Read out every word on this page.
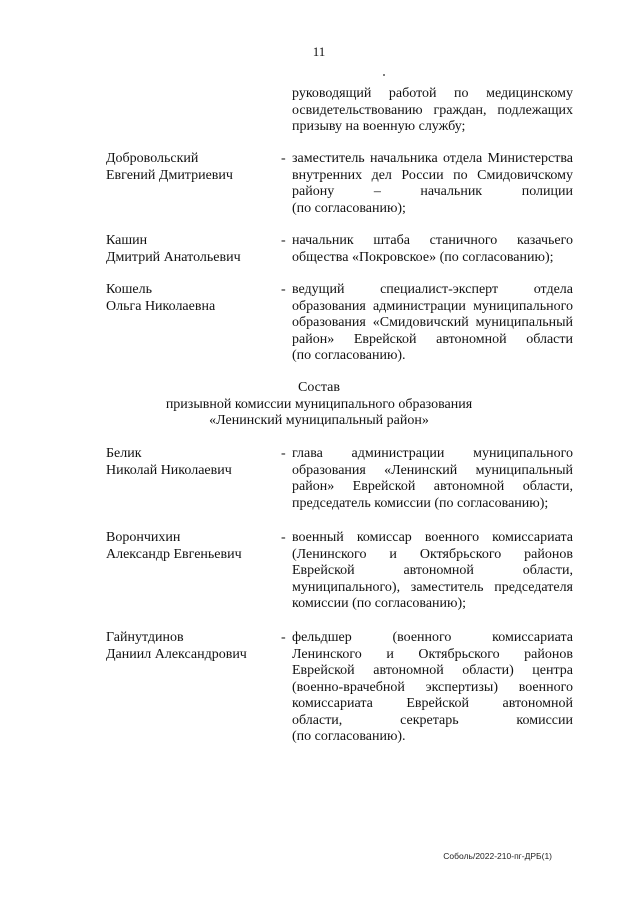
11
руководящий работой по медицинскому
освидетельствованию граждан, подлежащих
призыву на военную службу;
Добровольский
Евгений Дмитриевич
- заместитель начальника отдела Министерства
внутренних дел России по Смидовичскому
району – начальник полиции
(по согласованию);
Кашин
Дмитрий Анатольевич
- начальник штаба станичного казачьего
общества «Покровское» (по согласованию);
Кошель
Ольга Николаевна
- ведущий специалист-эксперт отдела
образования администрации муниципального
образования «Смидовичский муниципальный
район» Еврейской автономной области
(по согласованию).
Состав
призывной комиссии муниципального образования
«Ленинский муниципальный район»
Белик
Николай Николаевич
- глава администрации муниципального
образования «Ленинский муниципальный
район» Еврейской автономной области,
председатель комиссии (по согласованию);
Ворончихин
Александр Евгеньевич
- военный комиссар военного комиссариата
(Ленинского и Октябрьского районов
Еврейской автономной области,
муниципального), заместитель председателя
комиссии (по согласованию);
Гайнутдинов
Даниил Александрович
- фельдшер (военного комиссариата
Ленинского и Октябрьского районов
Еврейской автономной области) центра
(военно-врачебной экспертизы) военного
комиссариата Еврейской автономной
области, секретарь комиссии
(по согласованию).
Соболь/2022-210-пг-ДРБ(1)
